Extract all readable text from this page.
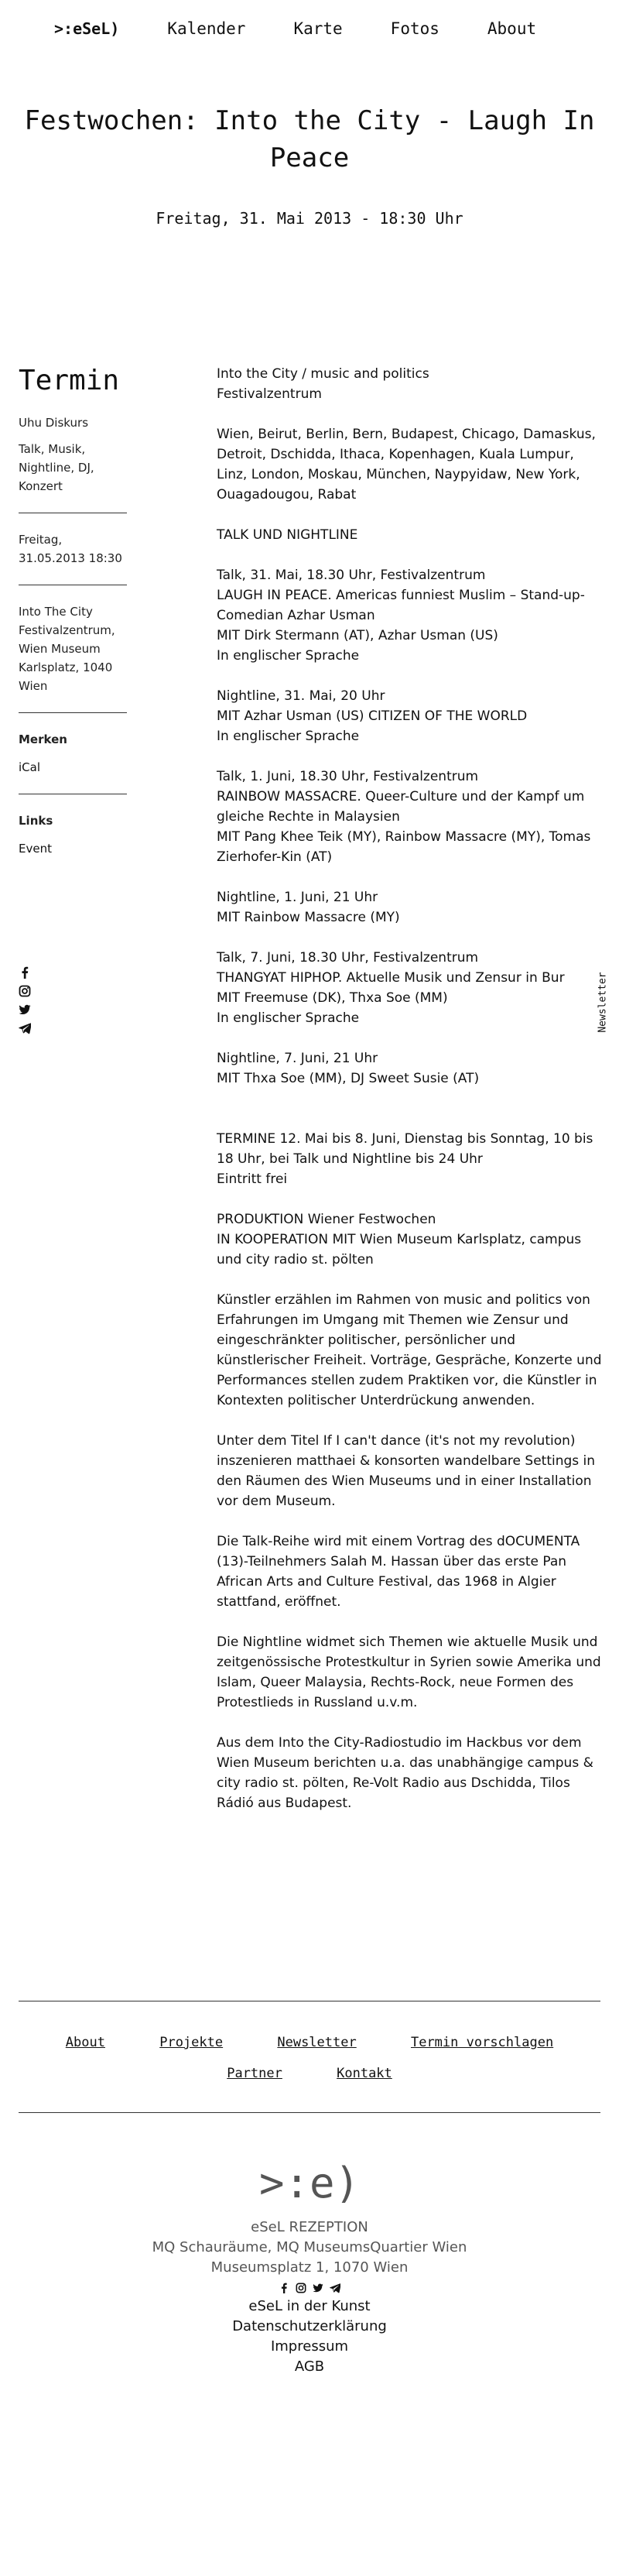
>:eSeL)	Kalender	Karte	Fotos	About
Festwochen: Into the City - Laugh In Peace
Freitag, 31. Mai 2013 - 18:30 Uhr
Termin

Uhu Diskurs

Talk, Musik, Nightline, DJ, Konzert

Freitag, 31.05.2013 18:30

Into The City Festivalzentrum, Wien Museum Karlsplatz, 1040 Wien

Merken

iCal

Links

Event
Newsletter

Into the City / music and politics
Festivalzentrum

Wien, Beirut, Berlin, Bern, Budapest, Chicago, Damaskus, Detroit, Dschidda, Ithaca, Kopenhagen, Kuala Lumpur, Linz, London, Moskau, München, Naypyidaw, New York, Ouagadougou, Rabat

TALK UND NIGHTLINE

Talk, 31. Mai, 18.30 Uhr, Festivalzentrum
LAUGH IN PEACE. Americas funniest Muslim – Stand-up-Comedian Azhar Usman
MIT Dirk Stermann (AT), Azhar Usman (US)
In englischer Sprache

Nightline, 31. Mai, 20 Uhr
MIT Azhar Usman (US) CITIZEN OF THE WORLD
In englischer Sprache

Talk, 1. Juni, 18.30 Uhr, Festivalzentrum
RAINBOW MASSACRE. Queer-Culture und der Kampf um gleiche Rechte in Malaysien
MIT Pang Khee Teik (MY), Rainbow Massacre (MY), Tomas Zierhofer-Kin (AT)

Nightline, 1. Juni, 21 Uhr
MIT Rainbow Massacre (MY)

Talk, 7. Juni, 18.30 Uhr, Festivalzentrum
THANGYAT HIPHOP. Aktuelle Musik und Zensur in Bur
MIT Freemuse (DK), Thxa Soe (MM)
In englischer Sprache

Nightline, 7. Juni, 21 Uhr
MIT Thxa Soe (MM), DJ Sweet Susie (AT)

TERMINE 12. Mai bis 8. Juni, Dienstag bis Sonntag, 10 bis 18 Uhr, bei Talk und Nightline bis 24 Uhr
Eintritt frei

PRODUKTION Wiener Festwochen
IN KOOPERATION MIT Wien Museum Karlsplatz, campus und city radio st. pölten

Künstler erzählen im Rahmen von music and politics von Erfahrungen im Umgang mit Themen wie Zensur und eingeschränkter politischer, persönlicher und künstlerischer Freiheit. Vorträge, Gespräche, Konzerte und Performances stellen zudem Praktiken vor, die Künstler in Kontexten politischer Unterdrückung anwenden.

Unter dem Titel If I can't dance (it's not my revolution) inszenieren matthaei & konsorten wandelbare Settings in den Räumen des Wien Museums und in einer Installation vor dem Museum.

Die Talk-Reihe wird mit einem Vortrag des dOCUMENTA (13)-Teilnehmers Salah M. Hassan über das erste Pan African Arts and Culture Festival, das 1968 in Algier stattfand, eröffnet.

Die Nightline widmet sich Themen wie aktuelle Musik und zeitgenössische Protestkultur in Syrien sowie Amerika und Islam, Queer Malaysia, Rechts-Rock, neue Formen des Protestlieds in Russland u.v.m.

Aus dem Into the City-Radiostudio im Hackbus vor dem Wien Museum berichten u.a. das unabhängige campus & city radio st. pölten, Re-Volt Radio aus Dschidda, Tilos Rádió aus Budapest.

About	Projekte	Newsletter	Termin vorschlagen
Partner	Kontakt
>:e)
eSeL REZEPTION
MQ Schauräume, MQ MuseumsQuartier Wien
Museumsplatz 1, 1070 Wien
eSeL in der Kunst
Datenschutzerklärung
Impressum
AGB
